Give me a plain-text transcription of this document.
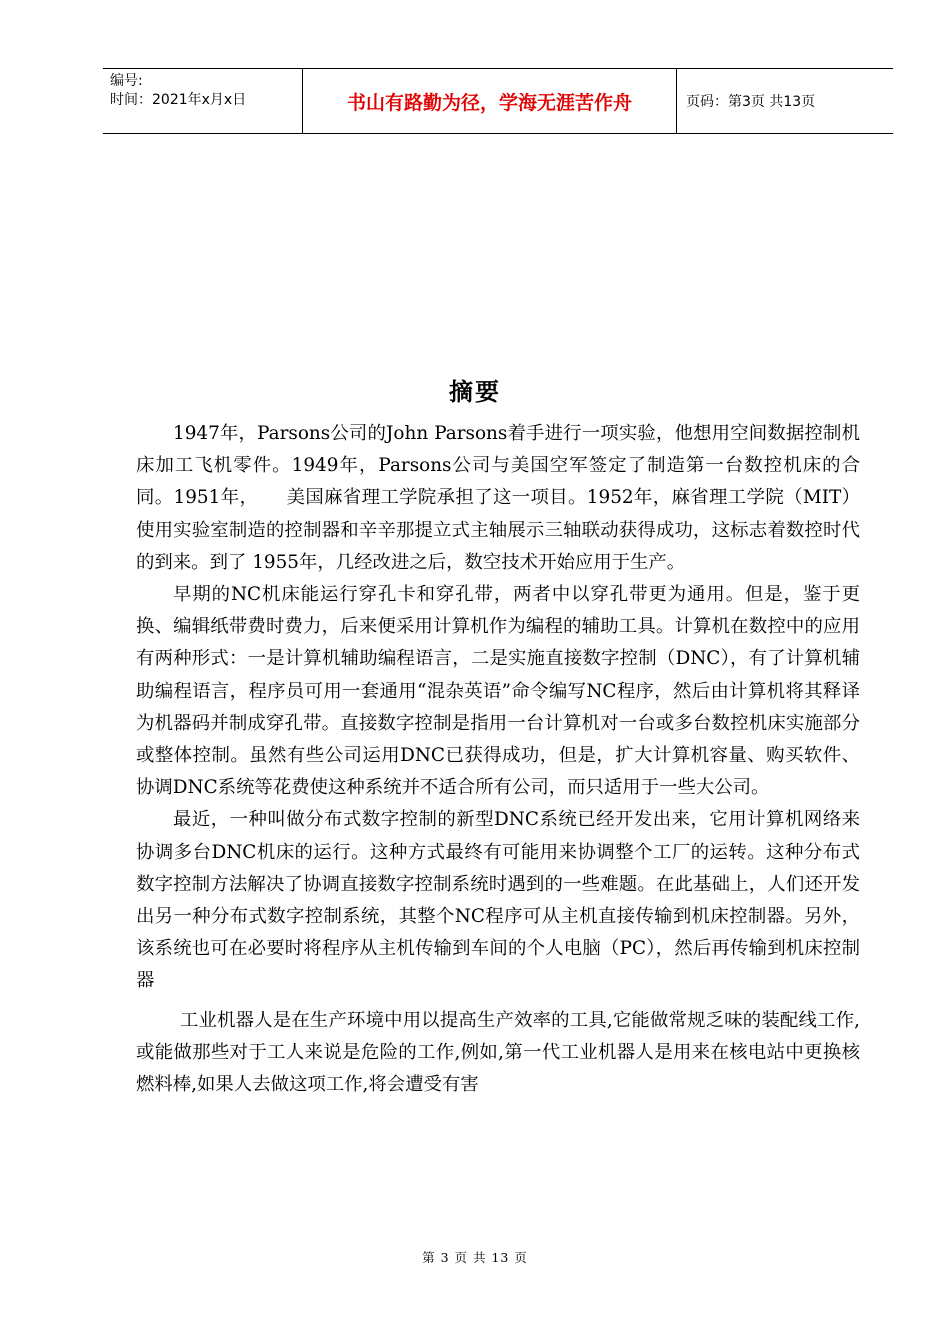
编号:
时间：2021年x月x日	书山有路勤为径，学海无涯苦作舟	页码：第3页 共13页
摘要

1947年，Parsons公司的John Parsons着手进行一项实验，他想用空间数据控制机床加工飞机零件。1949年，Parsons公司与美国空军签定了制造第一台数控机床的合同。1951年，　　美国麻省理工学院承担了这一项目。1952年，麻省理工学院（MIT）使用实验室制造的控制器和辛辛那提立式主轴展示三轴联动获得成功，这标志着数控时代的到来。到了 1955年，几经改进之后，数空技术开始应用于生产。

早期的NC机床能运行穿孔卡和穿孔带，两者中以穿孔带更为通用。但是，鉴于更换、编辑纸带费时费力，后来便采用计算机作为编程的辅助工具。计算机在数控中的应用有两种形式：一是计算机辅助编程语言，二是实施直接数字控制（DNC），有了计算机辅助编程语言，程序员可用一套通用“混杂英语”命令编写NC程序，然后由计算机将其释译为机器码并制成穿孔带。直接数字控制是指用一台计算机对一台或多台数控机床实施部分或整体控制。虽然有些公司运用DNC已获得成功，但是，扩大计算机容量、购买软件、协调DNC系统等花费使这种系统并不适合所有公司，而只适用于一些大公司。

最近，一种叫做分布式数字控制的新型DNC系统已经开发出来，它用计算机网络来协调多台DNC机床的运行。这种方式最终有可能用来协调整个工厂的运转。这种分布式数字控制方法解决了协调直接数字控制系统时遇到的一些难题。在此基础上，人们还开发出另一种分布式数字控制系统，其整个NC程序可从主机直接传输到机床控制器。另外，该系统也可在必要时将程序从主机传输到车间的个人电脑（PC），然后再传输到机床控制器

工业机器人是在生产环境中用以提高生产效率的工具,它能做常规乏味的装配线工作,或能做那些对于工人来说是危险的工作,例如,第一代工业机器人是用来在核电站中更换核燃料棒,如果人去做这项工作,将会遭受有害

第 3 页 共 13 页
